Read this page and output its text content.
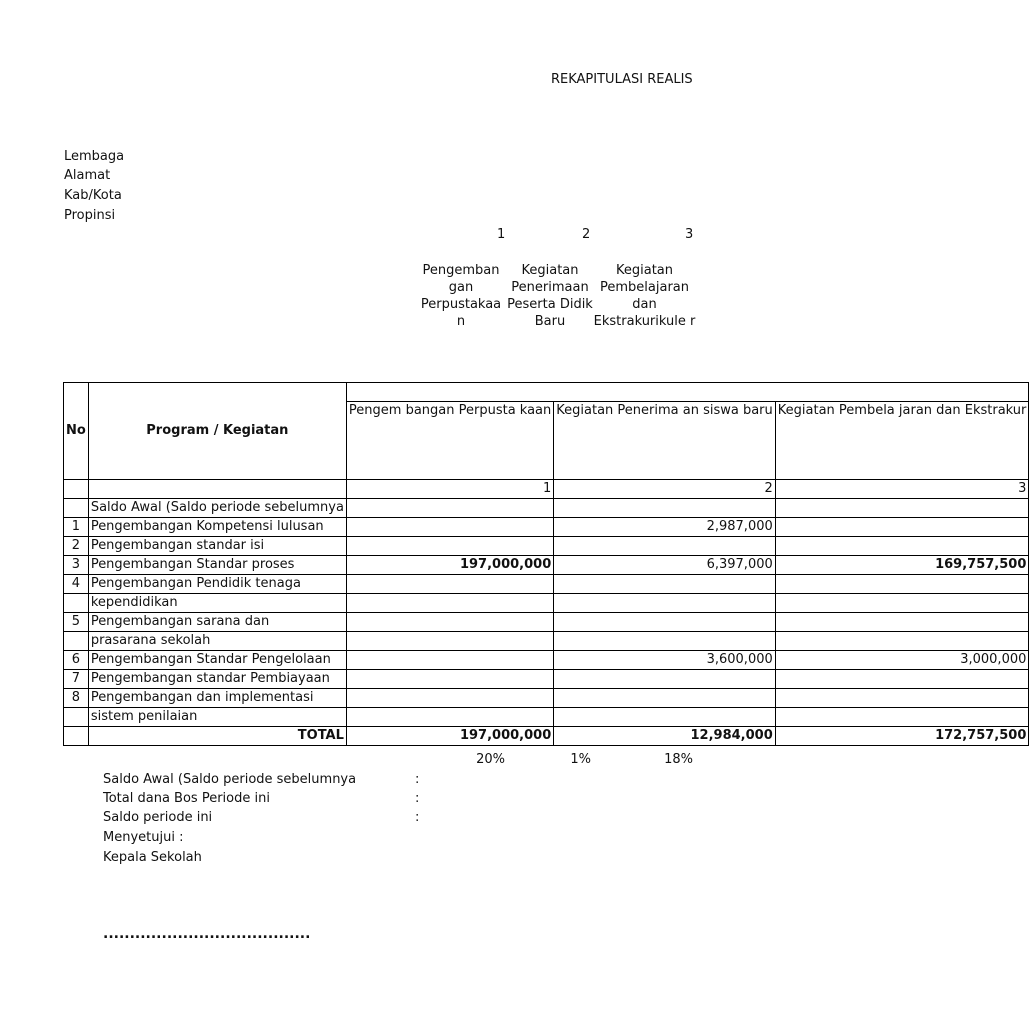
REKAPITULASI REALIS
Lembaga
Alamat
Kab/Kota
Propinsi
1	2	3
Pengemban gan Perpustakaa n
Kegiatan Penerimaan Peserta Didik Baru
Kegiatan Pembelajaran dan Ekstrakurikule r
No	Program / Kegiatan			
		Pengem bangan Perpusta kaan	Kegiatan Penerima an siswa baru	Kegiatan Pembela jaran dan Ekstrakur
		1	2	3
	Saldo Awal (Saldo periode sebelumnya			
1	Pengembangan Kompetensi lulusan		2,987,000	
2	Pengembangan standar isi			
3	Pengembangan Standar proses	197,000,000	6,397,000	169,757,500
4	Pengembangan Pendidik tenaga			
	kependidikan			
5	Pengembangan sarana dan			
	prasarana sekolah			
6	Pengembangan Standar Pengelolaan		3,600,000	3,000,000
7	Pengembangan standar Pembiayaan			
8	Pengembangan dan implementasi			
	sistem penilaian			
	TOTAL	197,000,000	12,984,000	172,757,500
20%	1%	18%
Saldo Awal (Saldo periode sebelumnya
Total dana Bos Periode ini
Saldo periode ini
Menyetujui :
Kepala Sekolah
:
:
:
.......................................
